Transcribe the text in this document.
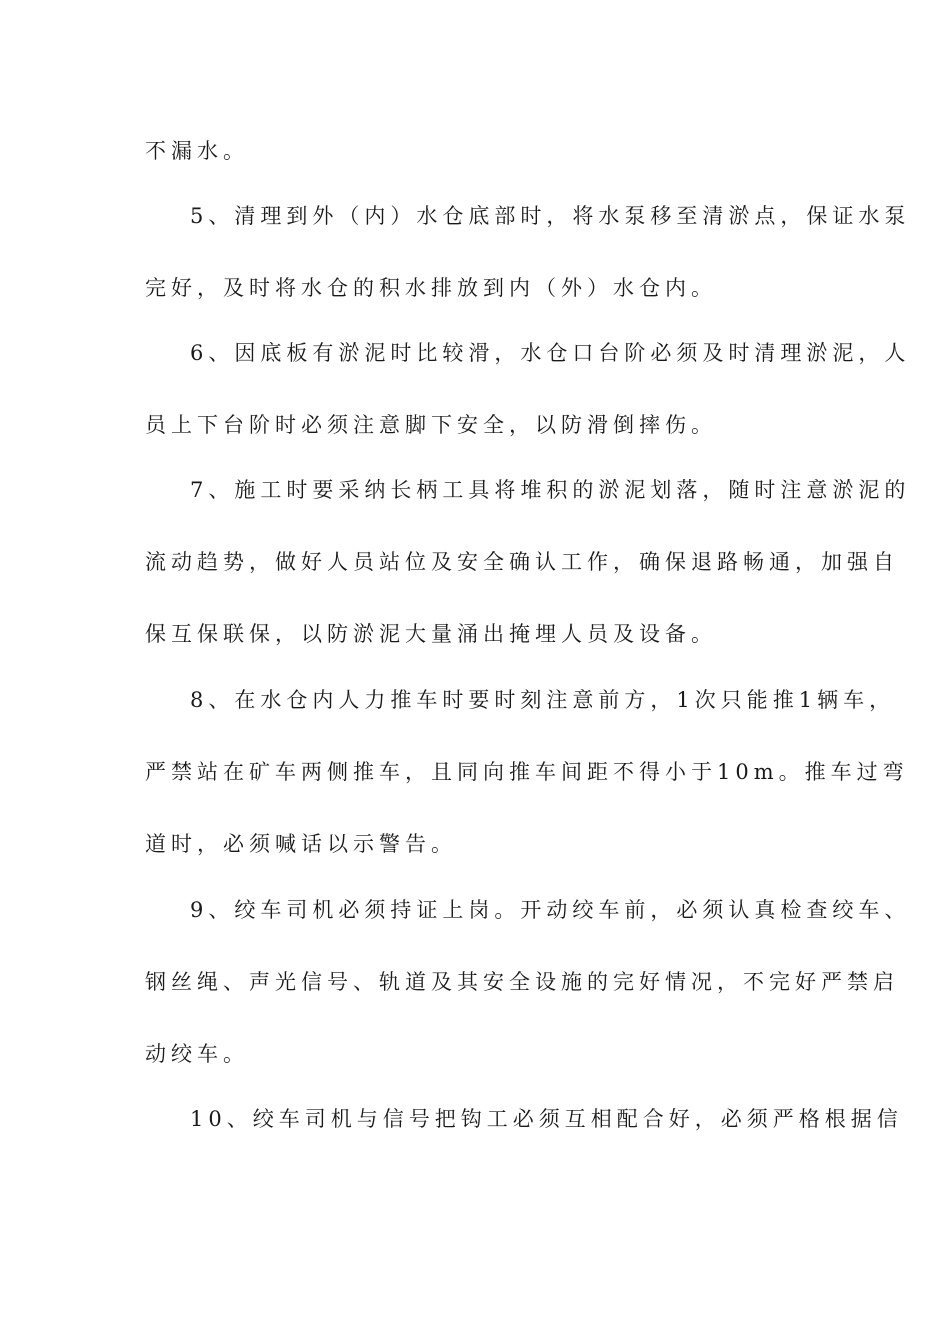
不漏水。
5、清理到外（内）水仓底部时，将水泵移至清淤点，保证水泵
完好，及时将水仓的积水排放到内（外）水仓内。
6、因底板有淤泥时比较滑，水仓口台阶必须及时清理淤泥，人
员上下台阶时必须注意脚下安全，以防滑倒摔伤。
7、施工时要采纳长柄工具将堆积的淤泥划落，随时注意淤泥的
流动趋势，做好人员站位及安全确认工作，确保退路畅通，加强自
保互保联保，以防淤泥大量涌出掩埋人员及设备。
8、在水仓内人力推车时要时刻注意前方，1次只能推1辆车，
严禁站在矿车两侧推车，且同向推车间距不得小于10m。推车过弯
道时，必须喊话以示警告。
9、绞车司机必须持证上岗。开动绞车前，必须认真检查绞车、
钢丝绳、声光信号、轨道及其安全设施的完好情况，不完好严禁启
动绞车。
10、绞车司机与信号把钩工必须互相配合好，必须严格根据信
